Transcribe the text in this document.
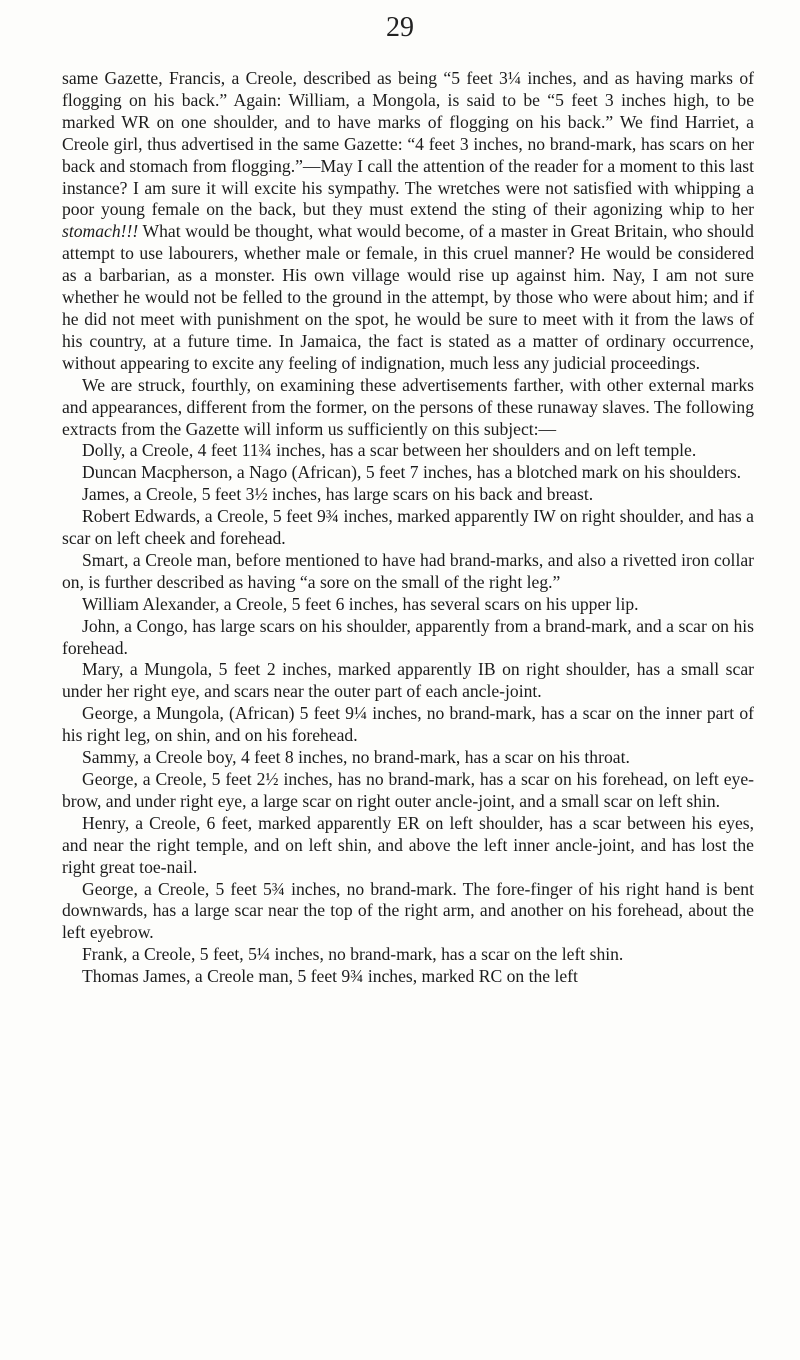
29

same Gazette, Francis, a Creole, described as being “5 feet 3¼ inches, and as having marks of flogging on his back.” Again: William, a Mongola, is said to be “5 feet 3 inches high, to be marked WR on one shoulder, and to have marks of flogging on his back.” We find Harriet, a Creole girl, thus advertised in the same Gazette: “4 feet 3 inches, no brand-mark, has scars on her back and stomach from flogging.”—May I call the attention of the reader for a moment to this last instance? I am sure it will excite his sympathy. The wretches were not satisfied with whipping a poor young female on the back, but they must extend the sting of their agonizing whip to her stomach!!! What would be thought, what would become, of a master in Great Britain, who should attempt to use labourers, whether male or female, in this cruel manner? He would be considered as a barbarian, as a monster. His own village would rise up against him. Nay, I am not sure whether he would not be felled to the ground in the attempt, by those who were about him; and if he did not meet with punishment on the spot, he would be sure to meet with it from the laws of his country, at a future time. In Jamaica, the fact is stated as a matter of ordinary occurrence, without appearing to excite any feeling of indignation, much less any judicial proceedings.

We are struck, fourthly, on examining these advertisements farther, with other external marks and appearances, different from the former, on the persons of these runaway slaves. The following extracts from the Gazette will inform us sufficiently on this subject:—

Dolly, a Creole, 4 feet 11¾ inches, has a scar between her shoulders and on left temple.

Duncan Macpherson, a Nago (African), 5 feet 7 inches, has a blotched mark on his shoulders.

James, a Creole, 5 feet 3½ inches, has large scars on his back and breast.

Robert Edwards, a Creole, 5 feet 9¾ inches, marked apparently IW on right shoulder, and has a scar on left cheek and forehead.

Smart, a Creole man, before mentioned to have had brand-marks, and also a rivetted iron collar on, is further described as having “a sore on the small of the right leg.”

William Alexander, a Creole, 5 feet 6 inches, has several scars on his upper lip.

John, a Congo, has large scars on his shoulder, apparently from a brand-mark, and a scar on his forehead.

Mary, a Mungola, 5 feet 2 inches, marked apparently IB on right shoulder, has a small scar under her right eye, and scars near the outer part of each ancle-joint.

George, a Mungola, (African) 5 feet 9¼ inches, no brand-mark, has a scar on the inner part of his right leg, on shin, and on his forehead.

Sammy, a Creole boy, 4 feet 8 inches, no brand-mark, has a scar on his throat.

George, a Creole, 5 feet 2½ inches, has no brand-mark, has a scar on his forehead, on left eye-brow, and under right eye, a large scar on right outer ancle-joint, and a small scar on left shin.

Henry, a Creole, 6 feet, marked apparently ER on left shoulder, has a scar between his eyes, and near the right temple, and on left shin, and above the left inner ancle-joint, and has lost the right great toe-nail.

George, a Creole, 5 feet 5¾ inches, no brand-mark. The fore-finger of his right hand is bent downwards, has a large scar near the top of the right arm, and another on his forehead, about the left eyebrow.

Frank, a Creole, 5 feet, 5¼ inches, no brand-mark, has a scar on the left shin.

Thomas James, a Creole man, 5 feet 9¾ inches, marked RC on the left
